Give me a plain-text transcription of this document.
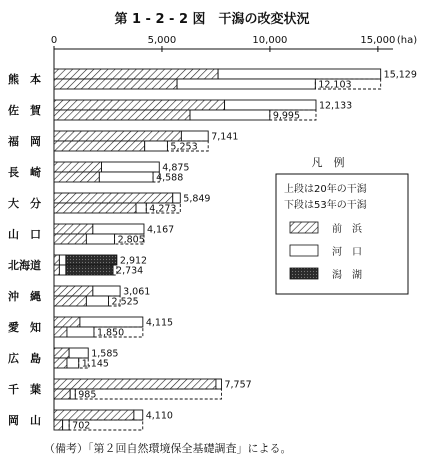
第 1 - 2 - 2 図　干潟の改変状況
0	5,000	10,000	15,000 (ha)
熊　本	15,129
12,103
佐　賀	12,133
9,995
福　岡	7,141
5,253
長　崎	4,875
4,588
大　分	5,849
4,273
山　口	4,167
2,805
北海道	2,912
2,734
沖　縄	3,061
2,525
愛　知	4,115
1,850
広　島	1,585
1,145
千　葉	7,757
985
岡　山	4,110
702
凡　例
上段は20年の干潟
下段は53年の干潟
前　浜
河　口
潟　湖
（備考）「第２回自然環境保全基礎調査」による。
